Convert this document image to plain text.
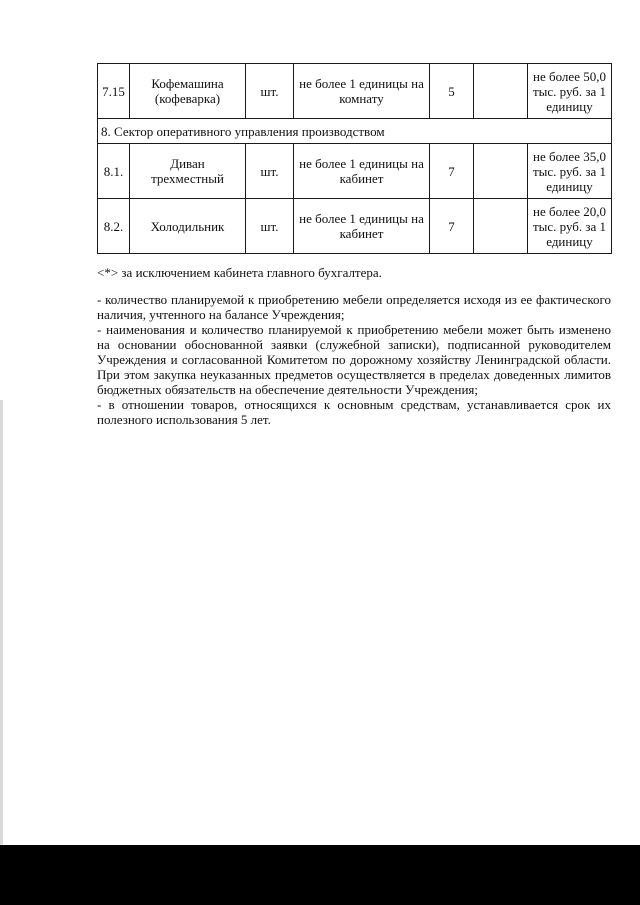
7.15	Кофемашина (кофеварка)	шт.	не более 1 единицы на комнату	5		не более 50,0 тыс. руб. за 1 единицу
8. Сектор оперативного управления производством						
8.1.	Диван трехместный	шт.	не более 1 единицы на кабинет	7		не более 35,0 тыс. руб. за 1 единицу
8.2.	Холодильник	шт.	не более 1 единицы на кабинет	7		не более 20,0 тыс. руб. за 1 единицу

<*> за исключением кабинета главного бухгалтера.

- количество планируемой к приобретению мебели определяется исходя из ее фактического наличия, учтенного на балансе Учреждения;

- наименования и количество планируемой к приобретению мебели может быть изменено на основании обоснованной заявки (служебной записки), подписанной руководителем Учреждения и согласованной Комитетом по дорожному хозяйству Ленинградской области. При этом закупка неуказанных предметов осуществляется в пределах доведенных лимитов бюджетных обязательств на обеспечение деятельности Учреждения;

- в отношении товаров, относящихся к основным средствам, устанавливается срок их полезного использования 5 лет.
